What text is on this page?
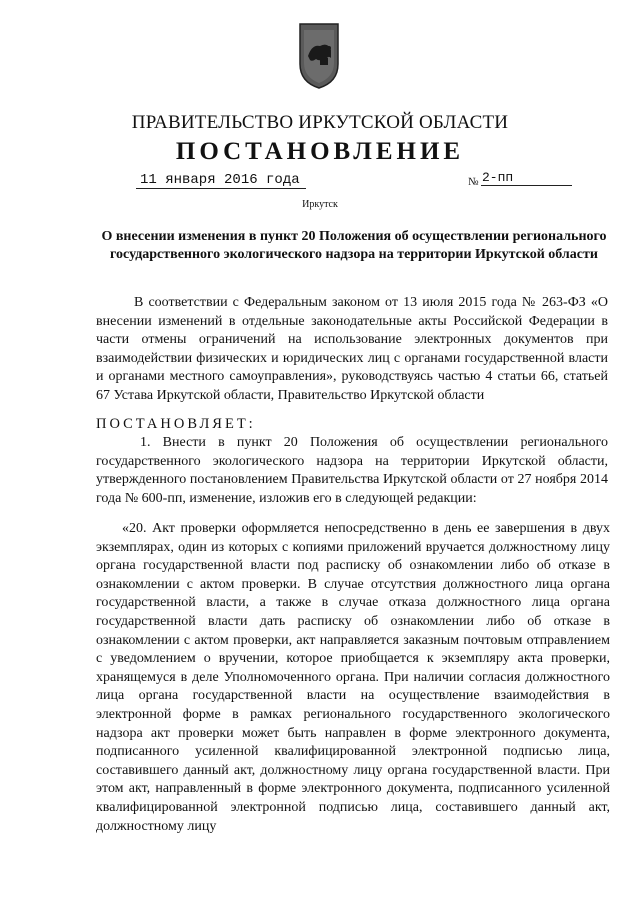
ПРАВИТЕЛЬСТВО ИРКУТСКОЙ ОБЛАСТИ
ПОСТАНОВЛЕНИЕ
11 января 2016 года	№ 2-пп
Иркутск
О внесении изменения в пункт 20 Положения об осуществлении регионального государственного экологического надзора на территории Иркутской области
В соответствии с Федеральным законом от 13 июля 2015 года № 263-ФЗ «О внесении изменений в отдельные законодательные акты Российской Федерации в части отмены ограничений на использование электронных документов при взаимодействии физических и юридических лиц с органами государственной власти и органами местного самоуправления», руководствуясь частью 4 статьи 66, статьей 67 Устава Иркутской области, Правительство Иркутской области
ПОСТАНОВЛЯЕТ:
1. Внести в пункт 20 Положения об осуществлении регионального государственного экологического надзора на территории Иркутской области, утвержденного постановлением Правительства Иркутской области от 27 ноября 2014 года № 600-пп, изменение, изложив его в следующей редакции:
«20. Акт проверки оформляется непосредственно в день ее завершения в двух экземплярах, один из которых с копиями приложений вручается должностному лицу органа государственной власти под расписку об ознакомлении либо об отказе в ознакомлении с актом проверки. В случае отсутствия должностного лица органа государственной власти, а также в случае отказа должностного лица органа государственной власти дать расписку об ознакомлении либо об отказе в ознакомлении с актом проверки, акт направляется заказным почтовым отправлением с уведомлением о вручении, которое приобщается к экземпляру акта проверки, хранящемуся в деле Уполномоченного органа. При наличии согласия должностного лица органа государственной власти на осуществление взаимодействия в электронной форме в рамках регионального государственного экологического надзора акт проверки может быть направлен в форме электронного документа, подписанного усиленной квалифицированной электронной подписью лица, составившего данный акт, должностному лицу органа государственной власти. При этом акт, направленный в форме электронного документа, подписанного усиленной квалифицированной электронной подписью лица, составившего данный акт, должностному лицу
